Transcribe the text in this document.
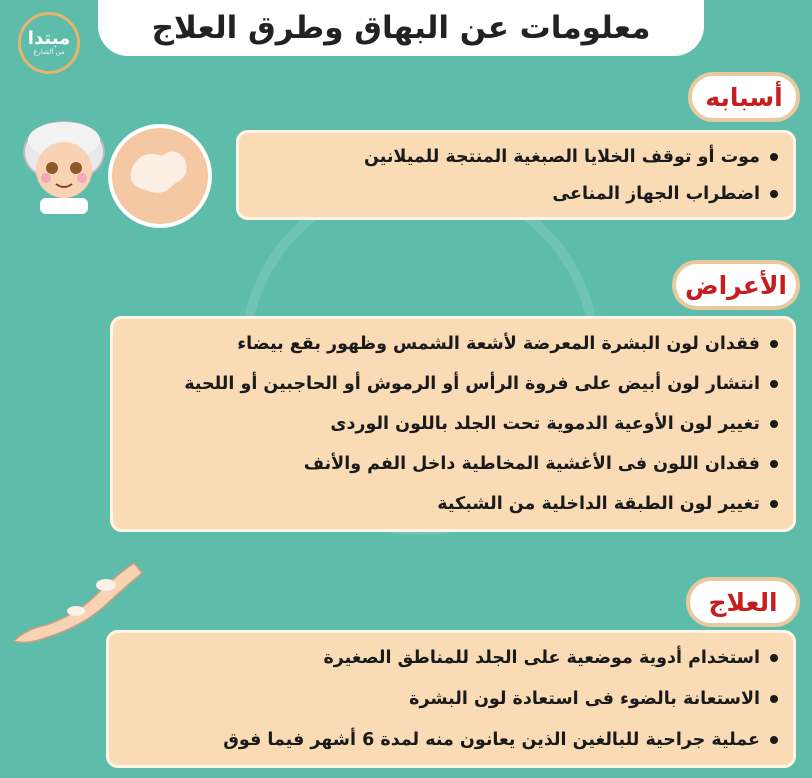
مبتدا
من الشارع
معلومات عن البهاق وطرق العلاج
أسبابه
موت أو توقف الخلايا الصبغية المنتجة للميلانين
اضطراب الجهاز المناعى
الأعراض
فقدان لون البشرة المعرضة لأشعة الشمس وظهور بقع بيضاء
انتشار لون أبيض على فروة الرأس أو الرموش أو الحاجبين أو اللحية
تغيير لون الأوعية الدموية تحت الجلد باللون الوردى
فقدان اللون فى الأغشية المخاطية داخل الفم والأنف
تغيير لون الطبقة الداخلية من الشبكية
العلاج
استخدام أدوية موضعية على الجلد للمناطق الصغيرة
الاستعانة بالضوء فى استعادة لون البشرة
عملية جراحية للبالغين الذين يعانون منه لمدة 6 أشهر فيما فوق
